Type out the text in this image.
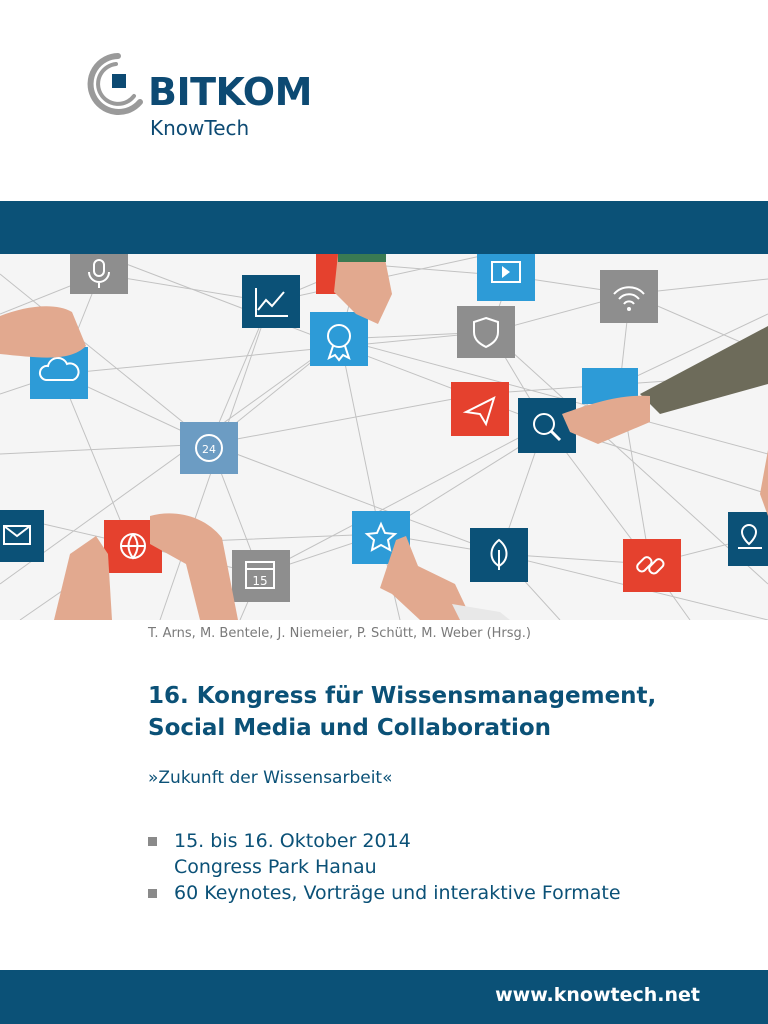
BITKOM
KnowTech
24
15
T. Arns, M. Bentele, J. Niemeier, P. Schütt, M. Weber (Hrsg.)
16. Kongress für Wissensmanagement,
Social Media und Collaboration
»Zukunft der Wissensarbeit«
15. bis 16. Oktober 2014
Congress Park Hanau
60 Keynotes, Vorträge und interaktive Formate
www.knowtech.net
